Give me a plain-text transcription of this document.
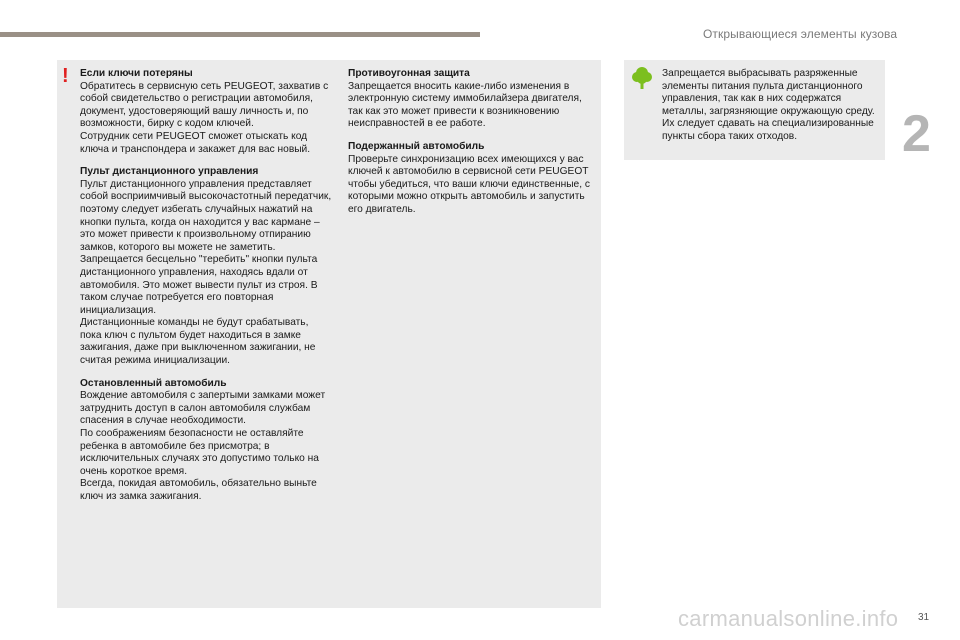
Открывающиеся элементы кузова
2
! Если ключи потеряны

Обратитесь в сервисную сеть PEUGEOT, захватив с собой свидетельство о регистрации автомобиля, документ, удостоверяющий вашу личность и, по возможности, бирку с кодом ключей.

Сотрудник сети PEUGEOT сможет отыскать код ключа и транспондера и закажет для вас новый.

Пульт дистанционного управления

Пульт дистанционного управления представляет собой восприимчивый высокочастотный передатчик, поэтому следует избегать случайных нажатий на кнопки пульта, когда он находится у вас кармане – это может привести к произвольному отпиранию замков, которого вы можете не заметить.

Запрещается бесцельно "теребить" кнопки пульта дистанционного управления, находясь вдали от автомобиля. Это может вывести пульт из строя. В таком случае потребуется его повторная инициализация.

Дистанционные команды не будут срабатывать, пока ключ с пультом будет находиться в замке зажигания, даже при выключенном зажигании, не считая режима инициализации.

Остановленный автомобиль

Вождение автомобиля с запертыми замками может затруднить доступ в салон автомобиля службам спасения в случае необходимости.

По соображениям безопасности не оставляйте ребенка в автомобиле без присмотра; в исключительных случаях это допустимо только на очень короткое время.

Всегда, покидая автомобиль, обязательно выньте ключ из замка зажигания.

Противоугонная защита

Запрещается вносить какие-либо изменения в электронную систему иммобилайзера двигателя, так как это может привести к возникновению неисправностей в ее работе.

Подержанный автомобиль

Проверьте синхронизацию всех имеющихся у вас ключей к автомобилю в сервисной сети PEUGEOT чтобы убедиться, что ваши ключи единственные, с которыми можно открыть автомобиль и запустить его двигатель.

Запрещается выбрасывать разряженные элементы питания пульта дистанционного управления, так как в них содержатся металлы, загрязняющие окружающую среду.

Их следует сдавать на специализированные пункты сбора таких отходов.

carmanualsonline.info 31
